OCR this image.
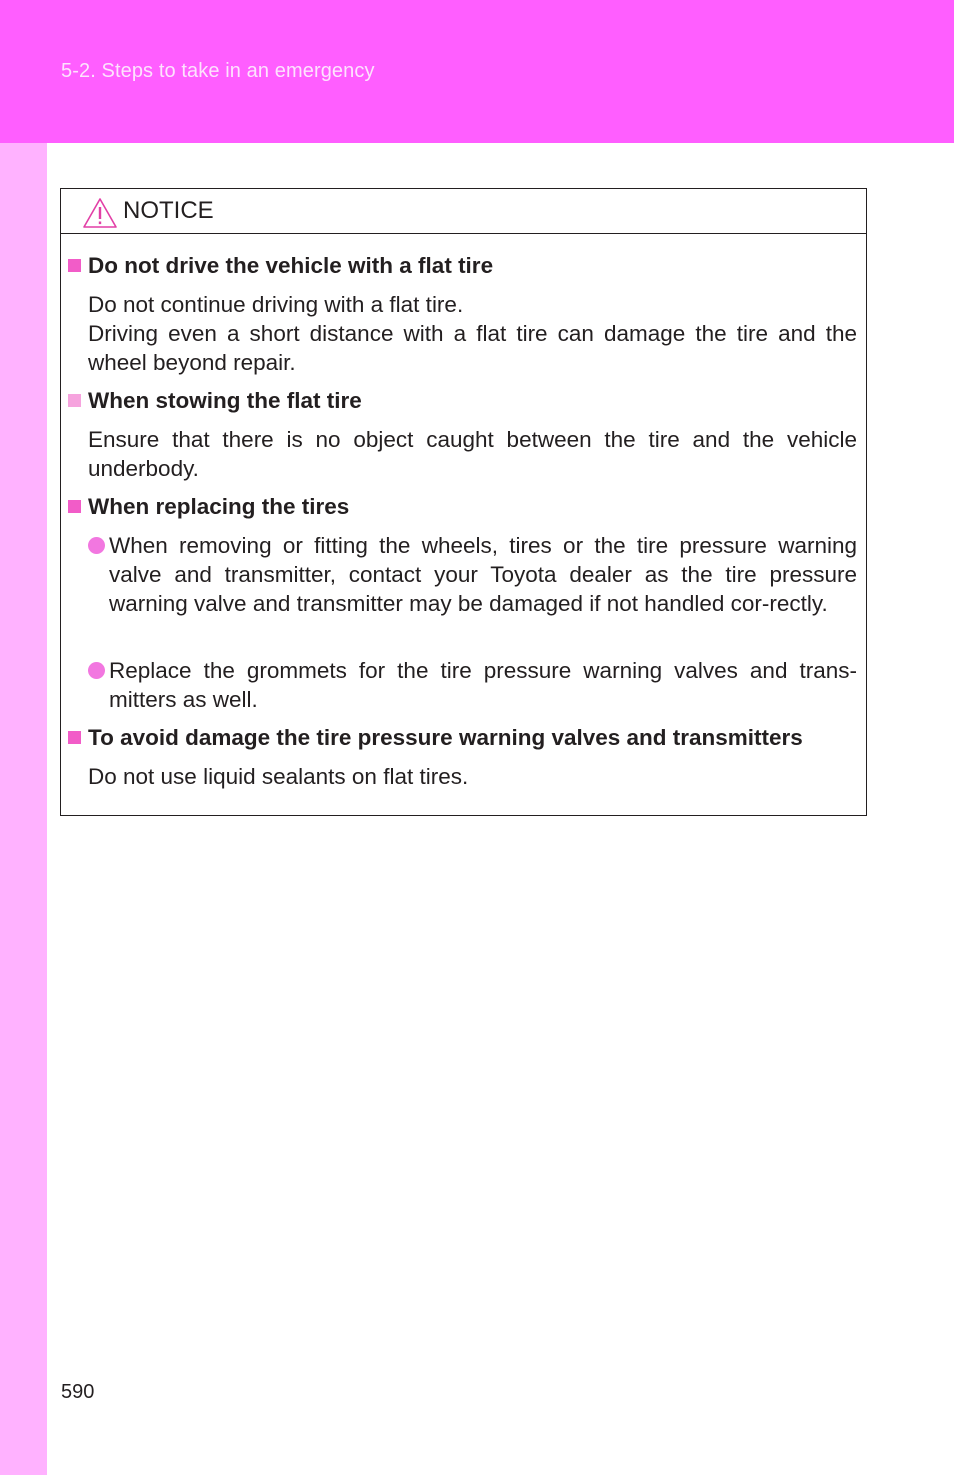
5-2. Steps to take in an emergency
NOTICE
Do not drive the vehicle with a flat tire
Do not continue driving with a flat tire.
Driving even a short distance with a flat tire can damage the tire and the wheel beyond repair.
When stowing the flat tire
Ensure that there is no object caught between the tire and the vehicle underbody.
When replacing the tires
When removing or fitting the wheels, tires or the tire pressure warning valve and transmitter, contact your Toyota dealer as the tire pressure warning valve and transmitter may be damaged if not handled cor-rectly.
Replace the grommets for the tire pressure warning valves and trans-mitters as well.
To avoid damage the tire pressure warning valves and transmitters
Do not use liquid sealants on flat tires.
590
